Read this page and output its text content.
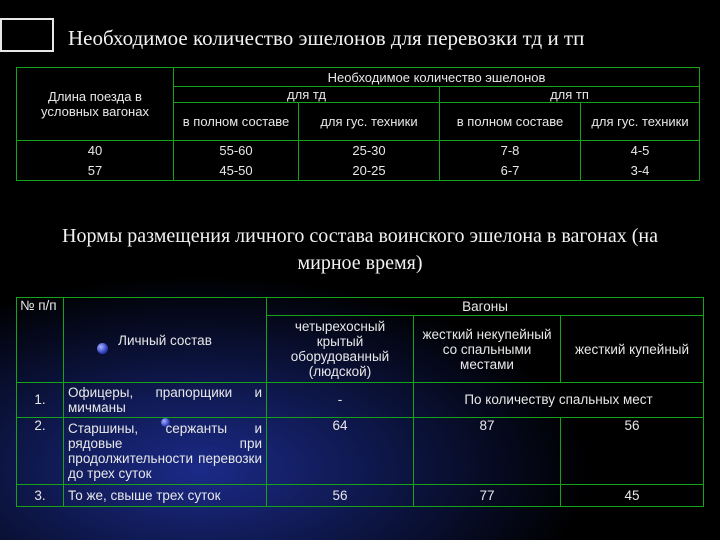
Необходимое количество эшелонов для перевозки тд и тп
Длина поезда в условных вагонах	Необходимое количество эшелонов			
	для тд		для тп	
	в полном составе	для гус. техники	в полном составе	для гус. техники
40	55-60	25-30	7-8	4-5
57	45-50	20-25	6-7	3-4
Нормы размещения личного состава воинского эшелона в вагонах (на мирное время)
№ п/п	Личный состав	Вагоны		
		четырехосный крытый оборудованный (людской)	жесткий некупейный со спальными местами	жесткий купейный
1.	Офицеры, прапорщики и мичманы	-	По количеству спальных мест	
2.	Старшины, сержанты и рядовые при продолжительности перевозки до трех суток	64	87	56
3.	То же, свыше трех суток	56	77	45
